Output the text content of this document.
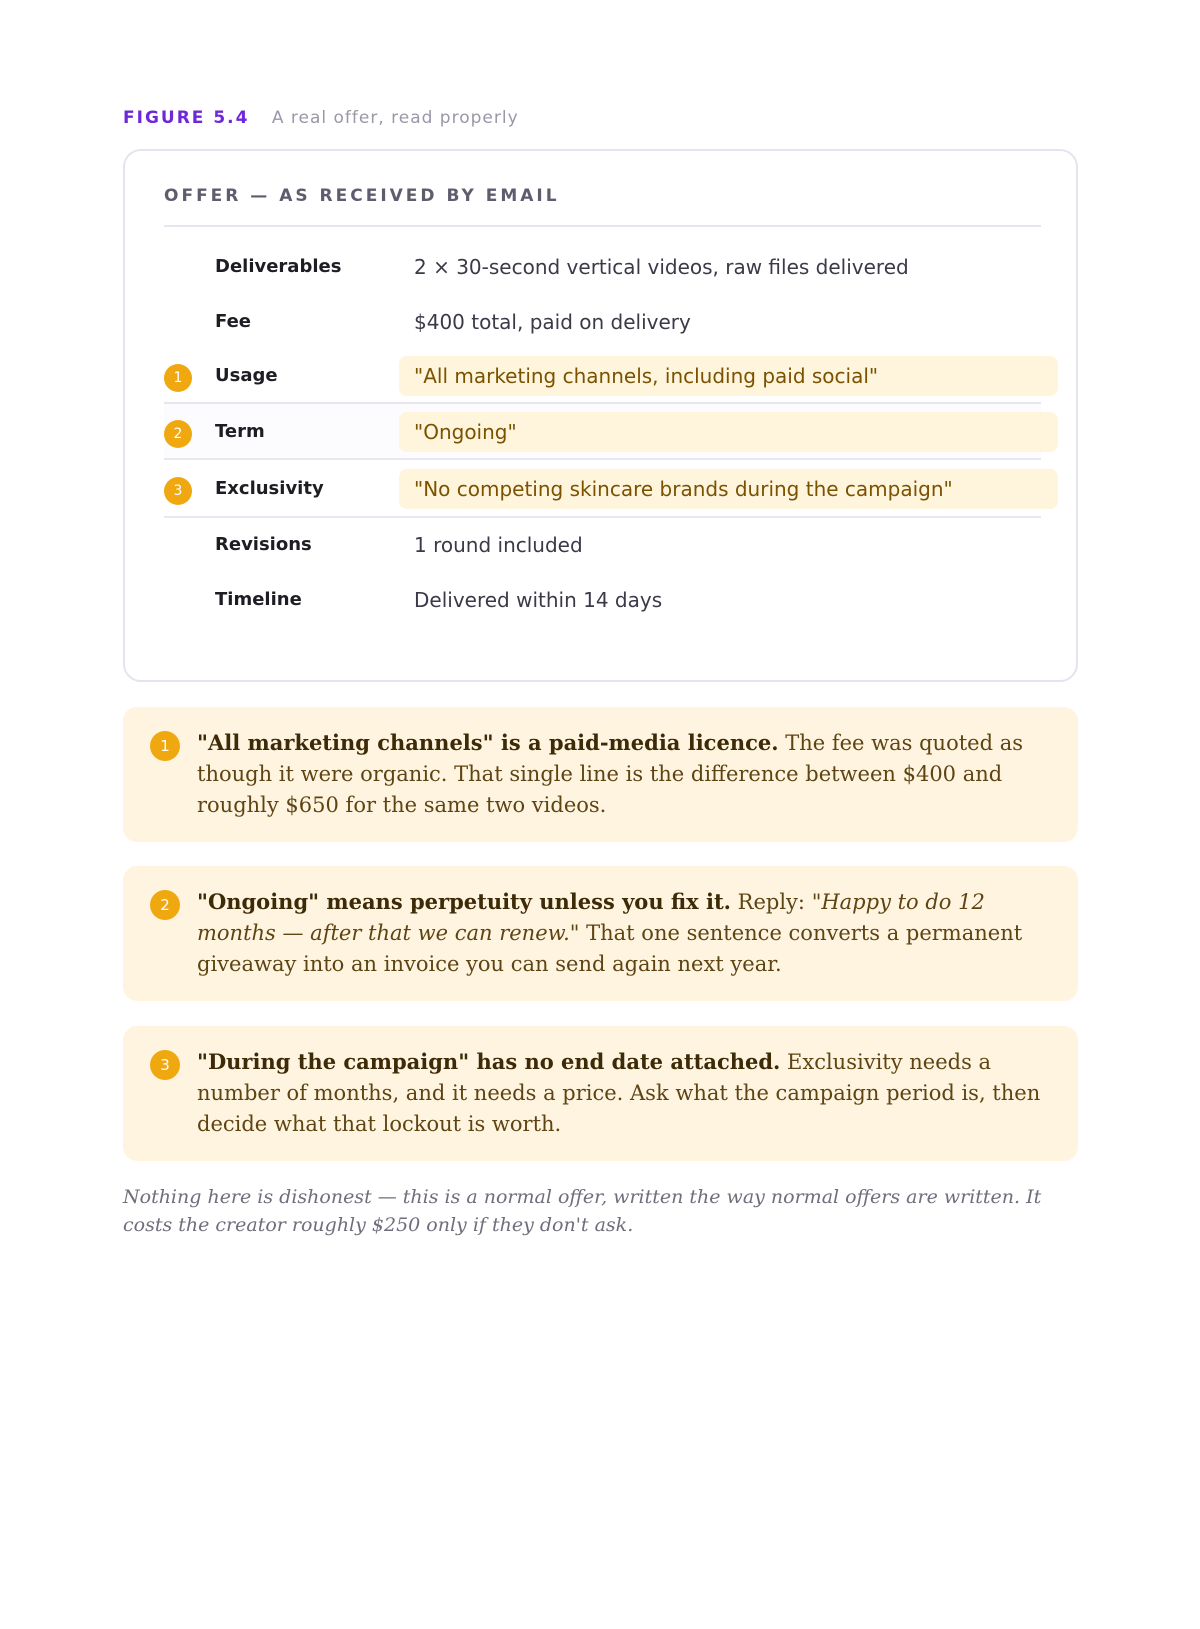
FIGURE 5.4 A real offer, read properly
OFFER — AS RECEIVED BY EMAIL
Deliverables	2 × 30-second vertical videos, raw files delivered
Fee	$400 total, paid on delivery
1	Usage	"All marketing channels, including paid social"
2	Term	"Ongoing"
3	Exclusivity	"No competing skincare brands during the campaign"
Revisions	1 round included
Timeline	Delivered within 14 days
1	"All marketing channels" is a paid-media licence. The fee was quoted as though it were organic. That single line is the difference between $400 and roughly $650 for the same two videos.
2	"Ongoing" means perpetuity unless you fix it. Reply: "Happy to do 12 months — after that we can renew." That one sentence converts a permanent giveaway into an invoice you can send again next year.
3	"During the campaign" has no end date attached. Exclusivity needs a number of months, and it needs a price. Ask what the campaign period is, then decide what that lockout is worth.
Nothing here is dishonest — this is a normal offer, written the way normal offers are written. It costs the creator roughly $250 only if they don't ask.
